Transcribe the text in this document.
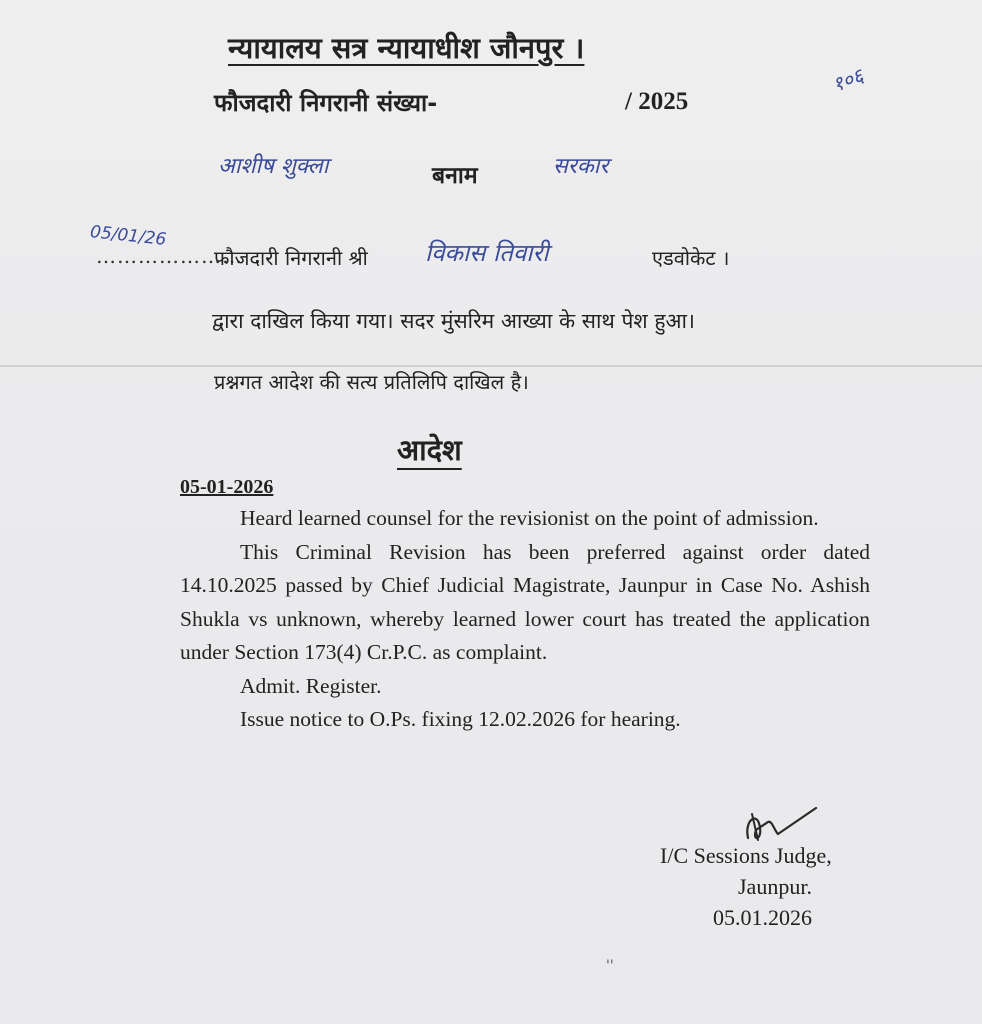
न्यायालय सत्र न्यायाधीश जौनपुर ।
फौजदारी निगरानी संख्या-	/ 2025
१०६
आशीष शुक्ला	बनाम	सरकार
05/01/26
…………………
फौजदारी निगरानी श्री विकास तिवारी	एडवोकेट ।
द्वारा दाखिल किया गया। सदर मुंसरिम आख्या के साथ पेश हुआ।
प्रश्नगत आदेश की सत्य प्रतिलिपि दाखिल है।
आदेश
05-01-2026

Heard learned counsel for the revisionist on the point of admission.

This Criminal Revision has been preferred against order dated 14.10.2025 passed by Chief Judicial Magistrate, Jaunpur in Case No. Ashish Shukla vs unknown, whereby learned lower court has treated the application under Section 173(4) Cr.P.C. as complaint.

Admit. Register.

Issue notice to O.Ps. fixing 12.02.2026 for hearing.

I/C Sessions Judge,
Jaunpur.
05.01.2026
ꞌꞌ
